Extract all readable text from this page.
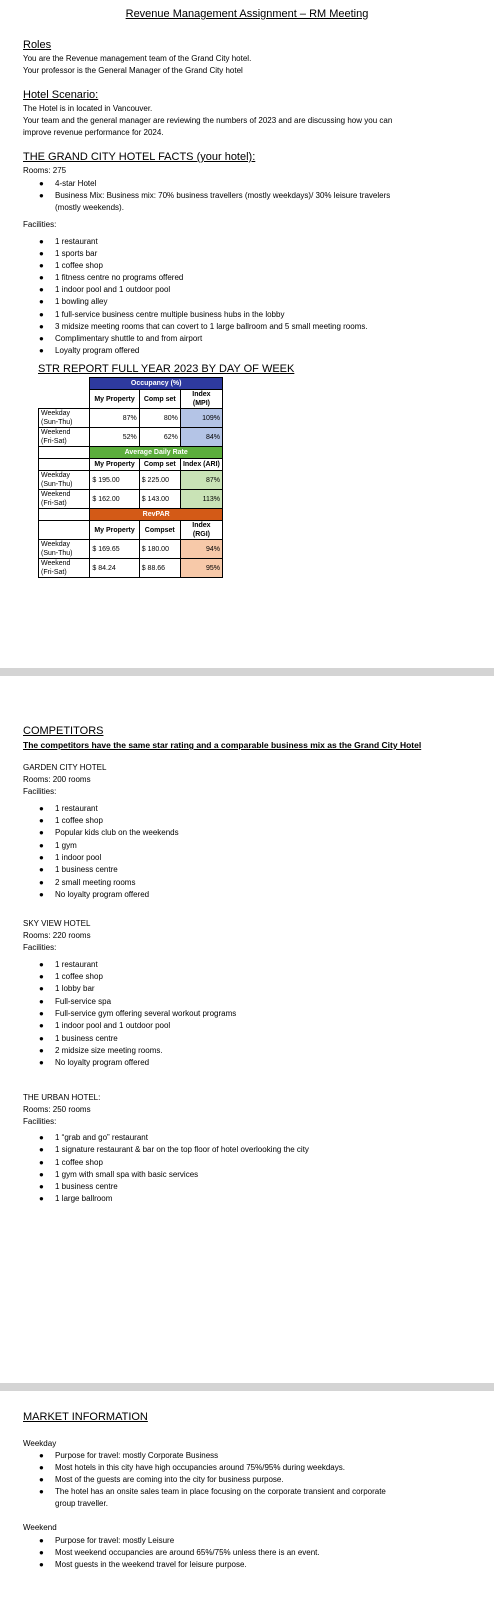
Revenue Management Assignment – RM Meeting
Roles
You are the Revenue management team of the Grand City hotel.
Your professor is the General Manager of the Grand City hotel
Hotel Scenario:
The Hotel is in located in Vancouver.
Your team and the general manager are reviewing the numbers of 2023 and are discussing how you can
improve revenue performance for 2024.
THE GRAND CITY HOTEL FACTS (your hotel):
Rooms: 275
● 4-star Hotel
● Business Mix: Business mix: 70% business travellers (mostly weekdays)/ 30% leisure travelers
(mostly weekends).
Facilities:
● 1 restaurant
● 1 sports bar
● 1 coffee shop
● 1 fitness centre no programs offered
● 1 indoor pool and 1 outdoor pool
● 1 bowling alley
● 1 full-service business centre multiple business hubs in the lobby
● 3 midsize meeting rooms that can covert to 1 large ballroom and 5 small meeting rooms.
● Complimentary shuttle to and from airport
● Loyalty program offered
STR REPORT FULL YEAR 2023 BY DAY OF WEEK
	Occupancy (%)		
	My Property	Comp set	Index (MPI)
Weekday
(Sun-Thu)	87%	80%	109%
Weekend
(Fri-Sat)	52%	62%	84%
	Average Daily Rate		
	My Property	Comp set	Index (ARI)
Weekday
(Sun-Thu)	$ 195.00	$ 225.00	87%
Weekend
(Fri-Sat)	$ 162.00	$ 143.00	113%
	RevPAR		
	My Property	Compset	Index (RGI)
Weekday
(Sun-Thu)	$ 169.65	$ 180.00	94%
Weekend
(Fri-Sat)	$ 84.24	$ 88.66	95%
COMPETITORS
The competitors have the same star rating and a comparable business mix as the Grand City Hotel
GARDEN CITY HOTEL
Rooms: 200 rooms
Facilities:
● 1 restaurant
● 1 coffee shop
● Popular kids club on the weekends
● 1 gym
● 1 indoor pool
● 1 business centre
● 2 small meeting rooms
● No loyalty program offered
SKY VIEW HOTEL
Rooms: 220 rooms
Facilities:
● 1 restaurant
● 1 coffee shop
● 1 lobby bar
● Full-service spa
● Full-service gym offering several workout programs
● 1 indoor pool and 1 outdoor pool
● 1 business centre
● 2 midsize size meeting rooms.
● No loyalty program offered
THE URBAN HOTEL:
Rooms: 250 rooms
Facilities:
● 1 “grab and go” restaurant
● 1 signature restaurant & bar on the top floor of hotel overlooking the city
● 1 coffee shop
● 1 gym with small spa with basic services
● 1 business centre
● 1 large ballroom
MARKET INFORMATION
Weekday
● Purpose for travel: mostly Corporate Business
● Most hotels in this city have high occupancies around 75%/95% during weekdays.
● Most of the guests are coming into the city for business purpose.
● The hotel has an onsite sales team in place focusing on the corporate transient and corporate
group traveller.
Weekend
● Purpose for travel: mostly Leisure
● Most weekend occupancies are around 65%/75% unless there is an event.
● Most guests in the weekend travel for leisure purpose.
